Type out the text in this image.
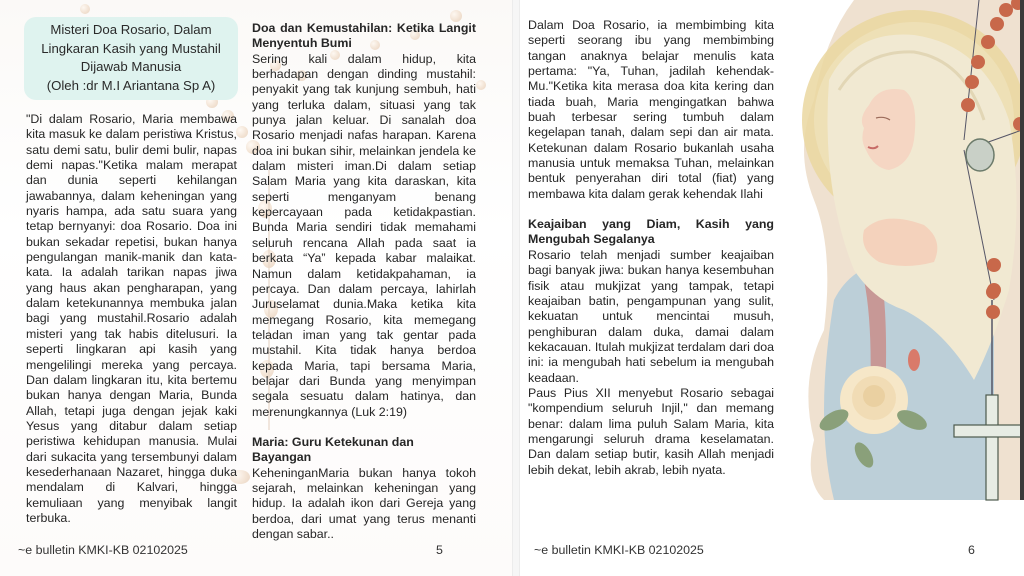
Misteri Doa Rosario, Dalam
Lingkaran Kasih yang Mustahil
Dijawab Manusia
(Oleh :dr M.I Ariantana Sp A)

"Di dalam Rosario, Maria membawa kita masuk ke dalam peristiwa Kristus, satu demi satu, bulir demi bulir, napas demi napas."Ketika malam merapat dan dunia seperti kehilangan jawabannya, dalam keheningan yang nyaris hampa, ada satu suara yang tetap bernyanyi: doa Rosario. Doa ini bukan sekadar repetisi, bukan hanya pengulangan manik-manik dan kata-kata. Ia adalah tarikan napas jiwa yang haus akan pengharapan, yang dalam ketekunannya membuka jalan bagi yang mustahil.Rosario adalah misteri yang tak habis ditelusuri. Ia seperti lingkaran api kasih yang mengelilingi mereka yang percaya. Dan dalam lingkaran itu, kita bertemu bukan hanya dengan Maria, Bunda Allah, tetapi juga dengan jejak kaki Yesus yang ditabur dalam setiap peristiwa kehidupan manusia. Mulai dari sukacita yang tersembunyi dalam kesederhanaan Nazaret, hingga duka mendalam di Kalvari, hingga kemuliaan yang menyibak langit terbuka.

Doa dan Kemustahilan: Ketika Langit Menyentuh Bumi

Sering kali dalam hidup, kita berhadapan dengan dinding mustahil: penyakit yang tak kunjung sembuh, hati yang terluka dalam, situasi yang tak punya jalan keluar. Di sanalah doa Rosario menjadi nafas harapan. Karena doa ini bukan sihir, melainkan jendela ke dalam misteri iman.Di dalam setiap Salam Maria yang kita daraskan, kita seperti menganyam benang kepercayaan pada ketidakpastian. Bunda Maria sendiri tidak memahami seluruh rencana Allah pada saat ia berkata “Ya” kepada kabar malaikat. Namun dalam ketidakpahaman, ia percaya. Dan dalam percaya, lahirlah Juruselamat dunia.Maka ketika kita memegang Rosario, kita memegang teladan iman yang tak gentar pada mustahil. Kita tidak hanya berdoa kepada Maria, tapi bersama Maria, belajar dari Bunda yang menyimpan segala sesuatu dalam hatinya, dan merenungkannya (Luk 2:19)

Maria: Guru Ketekunan dan Bayangan

KeheninganMaria bukan hanya tokoh sejarah, melainkan keheningan yang hidup. Ia adalah ikon dari Gereja yang berdoa, dari umat yang terus menanti dengan sabar..

~e bulletin KMKI-KB 02102025	5

Dalam Doa Rosario, ia membimbing kita seperti seorang ibu yang membimbing tangan anaknya belajar menulis kata pertama: "Ya, Tuhan, jadilah kehendak-Mu."Ketika kita merasa doa kita kering dan tiada buah, Maria mengingatkan bahwa buah terbesar sering tumbuh dalam kegelapan tanah, dalam sepi dan air mata. Ketekunan dalam Rosario bukanlah usaha manusia untuk memaksa Tuhan, melainkan bentuk penyerahan diri total (fiat) yang membawa kita dalam gerak kehendak Ilahi

Keajaiban yang Diam, Kasih yang Mengubah Segalanya

Rosario telah menjadi sumber keajaiban bagi banyak jiwa: bukan hanya kesembuhan fisik atau mukjizat yang tampak, tetapi keajaiban batin, pengampunan yang sulit, kekuatan untuk mencintai musuh, penghiburan dalam duka, damai dalam kekacauan. Itulah mukjizat terdalam dari doa ini: ia mengubah hati sebelum ia mengubah keadaan.

Paus Pius XII menyebut Rosario sebagai "kompendium seluruh Injil," dan memang benar: dalam lima puluh Salam Maria, kita mengarungi seluruh drama keselamatan. Dan dalam setiap butir, kasih Allah menjadi lebih dekat, lebih akrab, lebih nyata.

~e bulletin KMKI-KB 02102025	6
